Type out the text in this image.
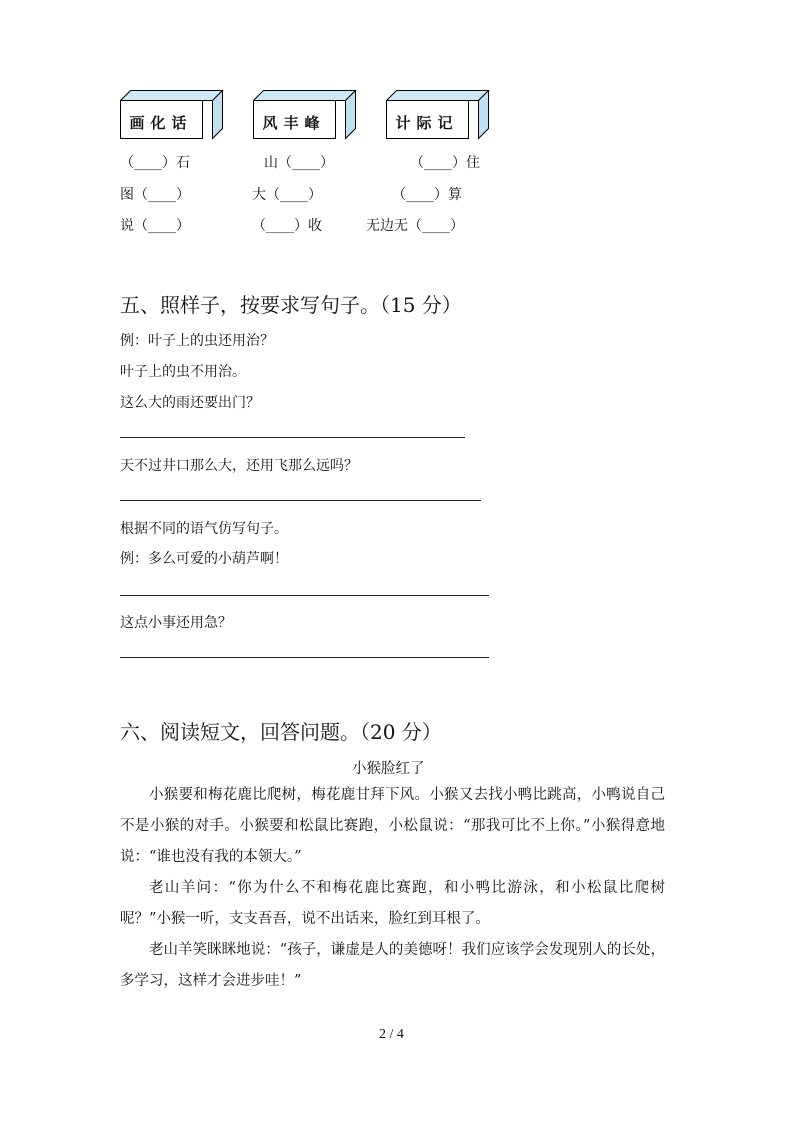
画化话	风丰峰	计际记
（____）石	山（____）	（____）住
图（____）	大（____）	（____）算
说（____）	（____）收	无边无（____）
五、照样子，按要求写句子。（15 分）
例：叶子上的虫还用治？
叶子上的虫不用治。
这么大的雨还要出门？
天不过井口那么大，还用飞那么远吗？
根据不同的语气仿写句子。
例：多么可爱的小葫芦啊！
这点小事还用急？
六、阅读短文，回答问题。（20 分）
小猴脸红了

小猴要和梅花鹿比爬树，梅花鹿甘拜下风。小猴又去找小鸭比跳高，小鸭说自己不是小猴的对手。小猴要和松鼠比赛跑，小松鼠说：“那我可比不上你。”小猴得意地说：“谁也没有我的本领大。”

老山羊问：“你为什么不和梅花鹿比赛跑，和小鸭比游泳，和小松鼠比爬树呢？”小猴一听，支支吾吾，说不出话来，脸红到耳根了。

老山羊笑眯眯地说：“孩子，谦虚是人的美德呀！我们应该学会发现别人的长处，多学习，这样才会进步哇！”

2 / 4
